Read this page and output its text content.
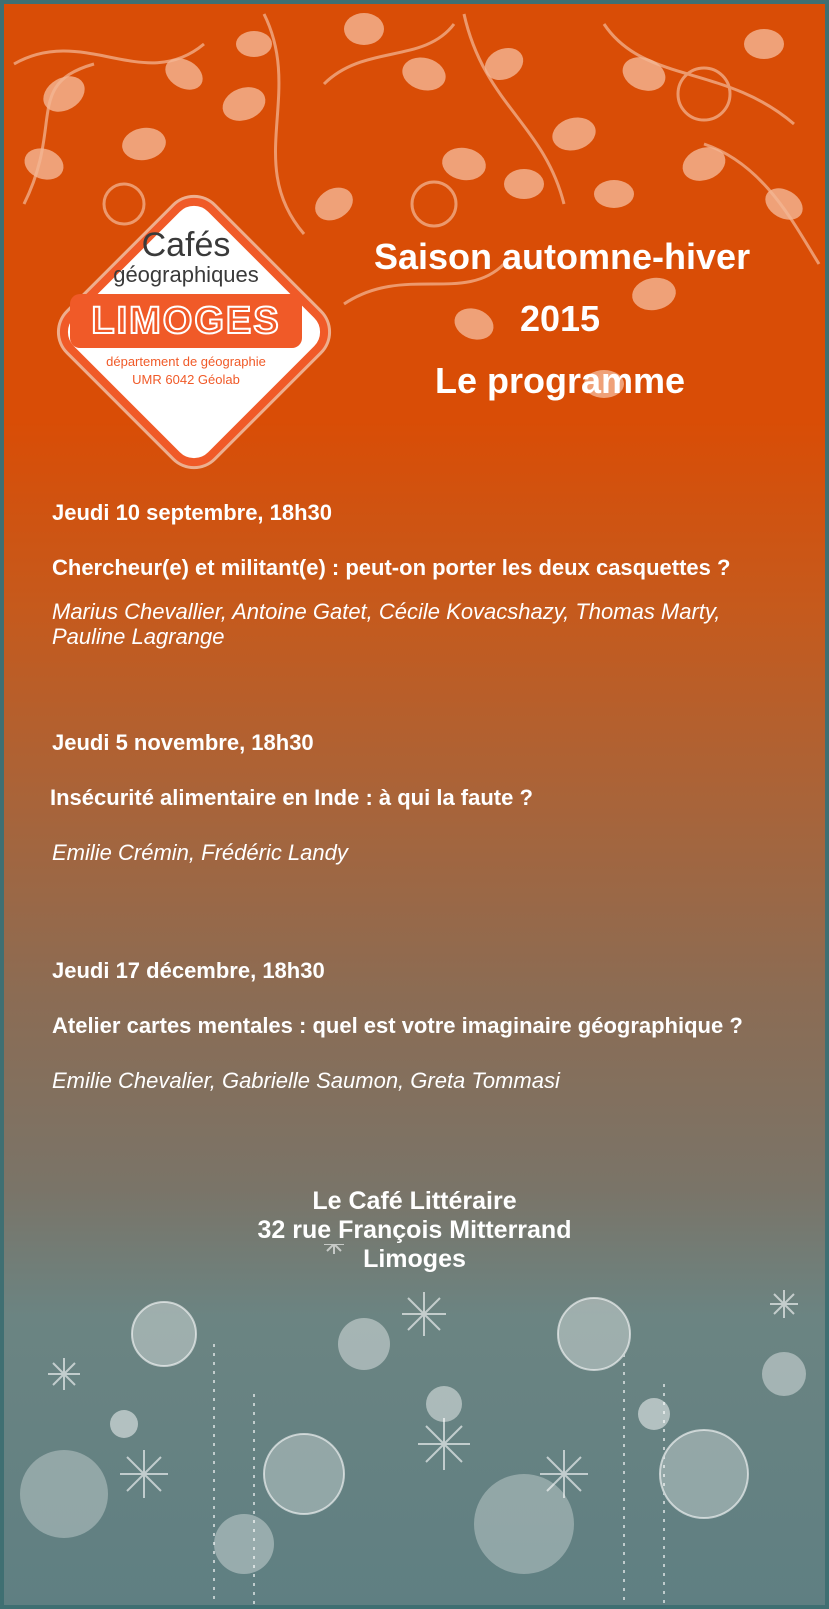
Cafés
géographiques
LIMOGES
département de géographie
UMR 6042 Géolab
Saison automne-hiver
2015
Le programme
Jeudi 10 septembre, 18h30
Chercheur(e) et militant(e) : peut-on porter les deux casquettes ?
Marius Chevallier, Antoine Gatet, Cécile Kovacshazy, Thomas Marty, Pauline Lagrange
Jeudi 5 novembre, 18h30
Insécurité alimentaire en Inde : à qui la faute ?
Emilie Crémin, Frédéric Landy
Jeudi 17 décembre, 18h30
Atelier cartes mentales : quel est votre imaginaire géographique ?
Emilie Chevalier, Gabrielle Saumon, Greta Tommasi
Le Café Littéraire
32 rue François Mitterrand
Limoges
